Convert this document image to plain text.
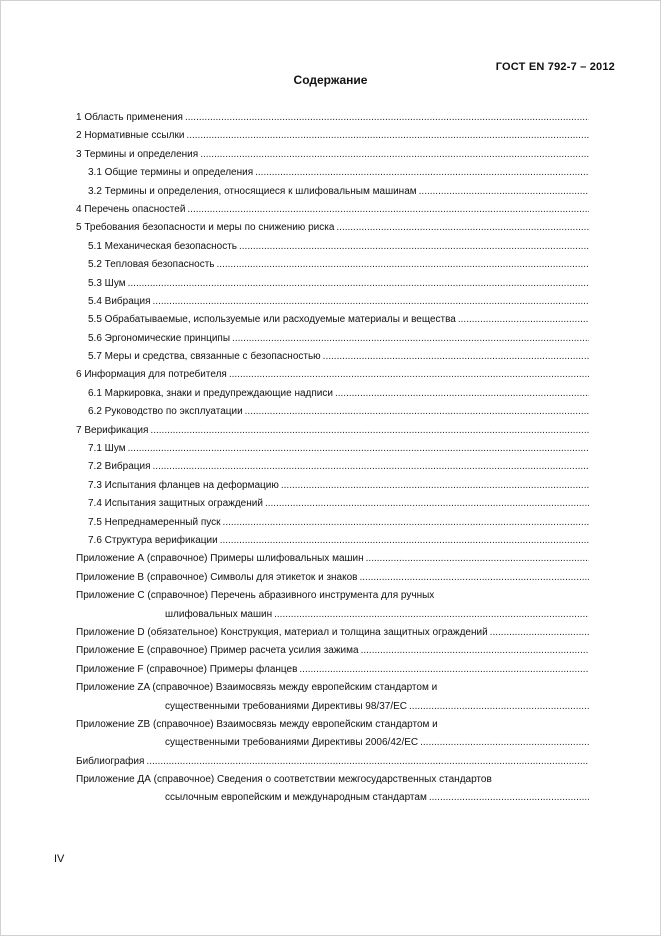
ГОСТ EN 792-7 – 2012
Содержание
1 Область применения
.....
2 Нормативные ссылки
.....
3 Термины и определения
.....
3.1 Общие термины и определения
.....
3.2 Термины и определения, относящиеся к шлифовальным машинам
.....
4 Перечень опасностей
.....
5 Требования безопасности и меры по снижению риска
.....
5.1 Механическая безопасность
.....
5.2 Тепловая безопасность
.....
5.3 Шум
.....
5.4 Вибрация
.....
5.5 Обрабатываемые, используемые или расходуемые материалы и вещества
.....
5.6 Эргономические принципы
.....
5.7 Меры и средства, связанные с безопасностью
.....
6 Информация для потребителя
.....
6.1 Маркировка, знаки и предупреждающие надписи
.....
6.2 Руководство по эксплуатации
.....
7 Верификация
.....
7.1 Шум
.....
7.2 Вибрация
.....
7.3 Испытания фланцев на деформацию
.....
7.4 Испытания защитных ограждений
.....
7.5 Непреднамеренный пуск
.....
7.6 Структура верификации
.....
Приложение А (справочное) Примеры шлифовальных машин
.....
Приложение В (справочное) Символы для этикеток и знаков
.....
Приложение С (справочное) Перечень абразивного инструмента для ручных
шлифовальных машин
.....
Приложение D (обязательное) Конструкция, материал и толщина защитных ограждений
.....
Приложение Е (справочное) Пример расчета усилия зажима
.....
Приложение F (справочное) Примеры фланцев
.....
Приложение ZA (справочное) Взаимосвязь между европейским стандартом и
существенными требованиями Директивы 98/37/ЕС
.....
Приложение ZB (справочное) Взаимосвязь между европейским стандартом и
существенными требованиями Директивы 2006/42/ЕС
.....
Библиография
.....
Приложение ДА (справочное) Сведения о соответствии межгосударственных стандартов
ссылочным европейским и международным стандартам
.....
IV
